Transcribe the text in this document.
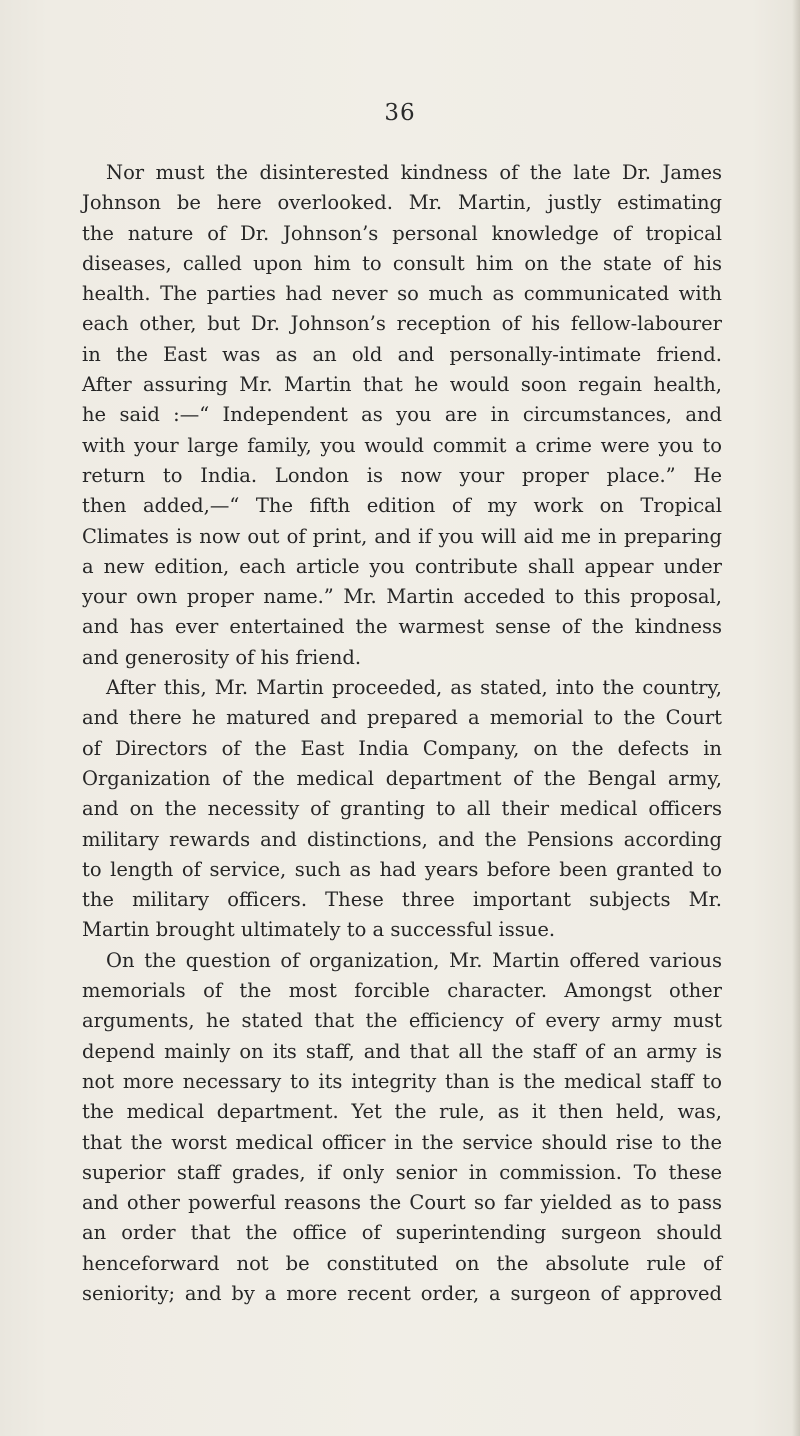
36
Nor must the disinterested kindness of the late Dr. James
Johnson be here overlooked. Mr. Martin, justly estimating
the nature of Dr. Johnson’s personal knowledge of tropical
diseases, called upon him to consult him on the state of his
health. The parties had never so much as communicated with
each other, but Dr. Johnson’s reception of his fellow-labourer
in the East was as an old and personally-intimate friend.
After assuring Mr. Martin that he would soon regain health,
he said :—“ Independent as you are in circumstances, and
with your large family, you would commit a crime were you to
return to India. London is now your proper place.” He
then added,—“ The fifth edition of my work on Tropical
Climates is now out of print, and if you will aid me in preparing
a new edition, each article you contribute shall appear under
your own proper name.” Mr. Martin acceded to this proposal,
and has ever entertained the warmest sense of the kindness
and generosity of his friend.
After this, Mr. Martin proceeded, as stated, into the country,
and there he matured and prepared a memorial to the Court
of Directors of the East India Company, on the defects in
Organization of the medical department of the Bengal army,
and on the necessity of granting to all their medical officers
military rewards and distinctions, and the Pensions according
to length of service, such as had years before been granted to
the military officers. These three important subjects Mr.
Martin brought ultimately to a successful issue.
On the question of organization, Mr. Martin offered various
memorials of the most forcible character. Amongst other
arguments, he stated that the efficiency of every army must
depend mainly on its staff, and that all the staff of an army is
not more necessary to its integrity than is the medical staff to
the medical department. Yet the rule, as it then held, was,
that the worst medical officer in the service should rise to the
superior staff grades, if only senior in commission. To these
and other powerful reasons the Court so far yielded as to pass
an order that the office of superintending surgeon should
henceforward not be constituted on the absolute rule of
seniority; and by a more recent order, a surgeon of approved
